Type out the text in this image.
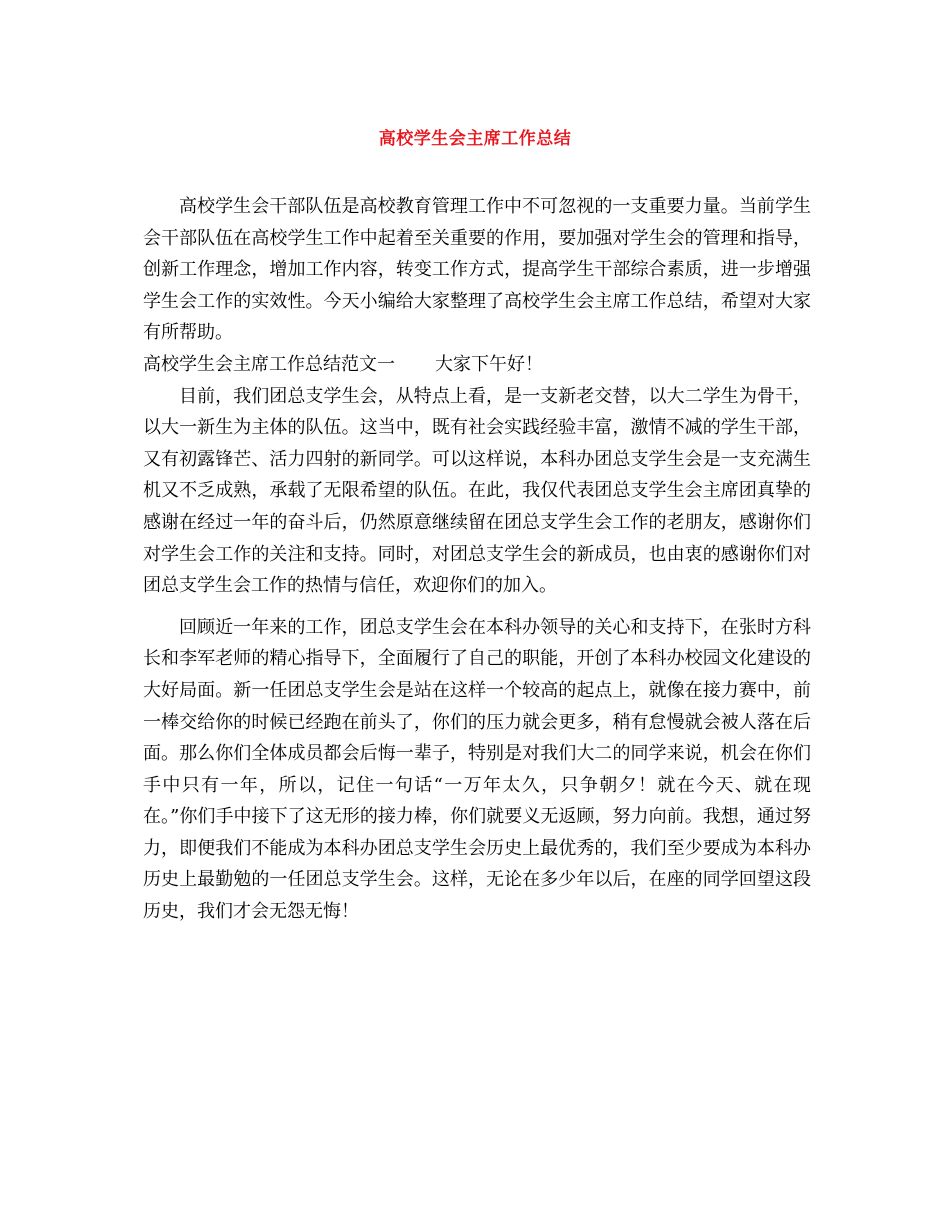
高校学生会主席工作总结

高校学生会干部队伍是高校教育管理工作中不可忽视的一支重要力量。当前学生会干部队伍在高校学生工作中起着至关重要的作用，要加强对学生会的管理和指导，创新工作理念，增加工作内容，转变工作方式，提高学生干部综合素质，进一步增强学生会工作的实效性。今天小编给大家整理了高校学生会主席工作总结，希望对大家有所帮助。

高校学生会主席工作总结范文一 大家下午好！

目前，我们团总支学生会，从特点上看，是一支新老交替，以大二学生为骨干，以大一新生为主体的队伍。这当中，既有社会实践经验丰富，激情不减的学生干部，又有初露锋芒、活力四射的新同学。可以这样说，本科办团总支学生会是一支充满生机又不乏成熟，承载了无限希望的队伍。在此，我仅代表团总支学生会主席团真挚的感谢在经过一年的奋斗后，仍然原意继续留在团总支学生会工作的老朋友，感谢你们对学生会工作的关注和支持。同时，对团总支学生会的新成员，也由衷的感谢你们对团总支学生会工作的热情与信任，欢迎你们的加入。

回顾近一年来的工作，团总支学生会在本科办领导的关心和支持下，在张时方科长和李军老师的精心指导下，全面履行了自己的职能，开创了本科办校园文化建设的大好局面。新一任团总支学生会是站在这样一个较高的起点上，就像在接力赛中，前一棒交给你的时候已经跑在前头了，你们的压力就会更多，稍有怠慢就会被人落在后面。那么你们全体成员都会后悔一辈子，特别是对我们大二的同学来说，机会在你们手中只有一年，所以，记住一句话“一万年太久，只争朝夕！就在今天、就在现在。”你们手中接下了这无形的接力棒，你们就要义无返顾，努力向前。我想，通过努力，即便我们不能成为本科办团总支学生会历史上最优秀的，我们至少要成为本科办历史上最勤勉的一任团总支学生会。这样，无论在多少年以后，在座的同学回望这段历史，我们才会无怨无悔！
